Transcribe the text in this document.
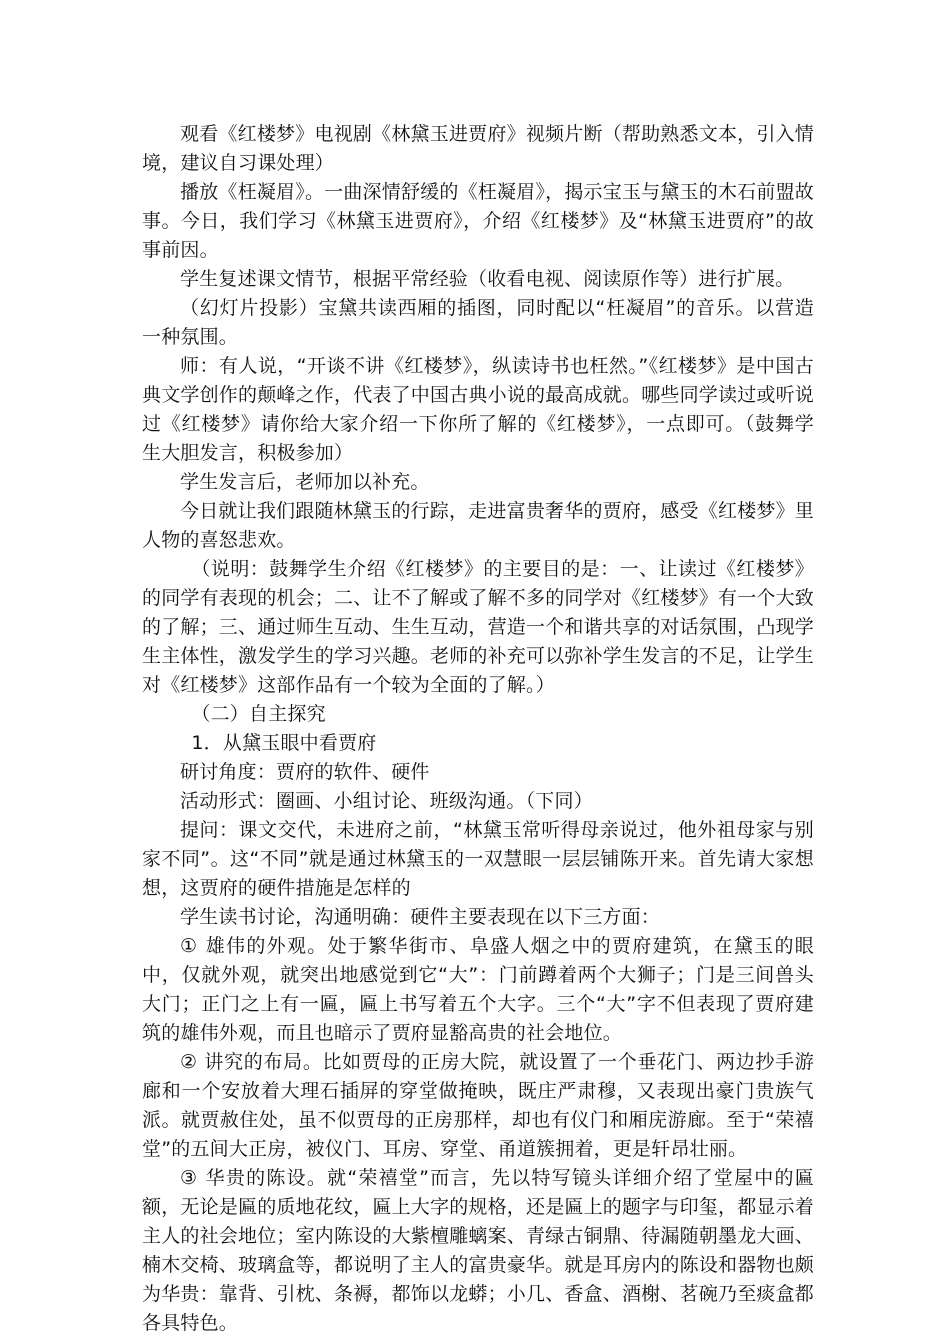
观看《红楼梦》电视剧《林黛玉进贾府》视频片断（帮助熟悉文本，引入情境，建议自习课处理）

播放《枉凝眉》。一曲深情舒缓的《枉凝眉》，揭示宝玉与黛玉的木石前盟故事。今日，我们学习《林黛玉进贾府》，介绍《红楼梦》及“林黛玉进贾府”的故事前因。

学生复述课文情节，根据平常经验（收看电视、阅读原作等）进行扩展。

（幻灯片投影）宝黛共读西厢的插图，同时配以“枉凝眉”的音乐。以营造一种氛围。

师：有人说，“开谈不讲《红楼梦》，纵读诗书也枉然。”《红楼梦》是中国古典文学创作的颠峰之作，代表了中国古典小说的最高成就。哪些同学读过或听说过《红楼梦》请你给大家介绍一下你所了解的《红楼梦》，一点即可。（鼓舞学生大胆发言，积极参加）

学生发言后，老师加以补充。

今日就让我们跟随林黛玉的行踪，走进富贵奢华的贾府，感受《红楼梦》里人物的喜怒悲欢。

（说明：鼓舞学生介绍《红楼梦》的主要目的是：一、让读过《红楼梦》的同学有表现的机会；二、让不了解或了解不多的同学对《红楼梦》有一个大致的了解；三、通过师生互动、生生互动，营造一个和谐共享的对话氛围，凸现学生主体性，激发学生的学习兴趣。老师的补充可以弥补学生发言的不足，让学生对《红楼梦》这部作品有一个较为全面的了解。）

（二）自主探究

1．从黛玉眼中看贾府

研讨角度：贾府的软件、硬件

活动形式：圈画、小组讨论、班级沟通。（下同）

提问：课文交代，未进府之前，“林黛玉常听得母亲说过，他外祖母家与别家不同”。这“不同”就是通过林黛玉的一双慧眼一层层铺陈开来。首先请大家想想，这贾府的硬件措施是怎样的

学生读书讨论，沟通明确：硬件主要表现在以下三方面：

① 雄伟的外观。处于繁华街市、阜盛人烟之中的贾府建筑，在黛玉的眼中，仅就外观，就突出地感觉到它“大”：门前蹲着两个大狮子；门是三间兽头大门；正门之上有一匾，匾上书写着五个大字。三个“大”字不但表现了贾府建筑的雄伟外观，而且也暗示了贾府显豁高贵的社会地位。

② 讲究的布局。比如贾母的正房大院，就设置了一个垂花门、两边抄手游廊和一个安放着大理石插屏的穿堂做掩映，既庄严肃穆，又表现出豪门贵族气派。就贾赦住处，虽不似贾母的正房那样，却也有仪门和厢庑游廊。至于“荣禧堂”的五间大正房，被仪门、耳房、穿堂、甬道簇拥着，更是轩昂壮丽。

③ 华贵的陈设。就“荣禧堂”而言，先以特写镜头详细介绍了堂屋中的匾额，无论是匾的质地花纹，匾上大字的规格，还是匾上的题字与印玺，都显示着主人的社会地位；室内陈设的大紫檀雕螭案、青绿古铜鼎、待漏随朝墨龙大画、楠木交椅、玻璃盒等，都说明了主人的富贵豪华。就是耳房内的陈设和器物也颇为华贵：靠背、引枕、条褥，都饰以龙蟒；小几、香盒、酒榭、茗碗乃至痰盒都各具特色。
